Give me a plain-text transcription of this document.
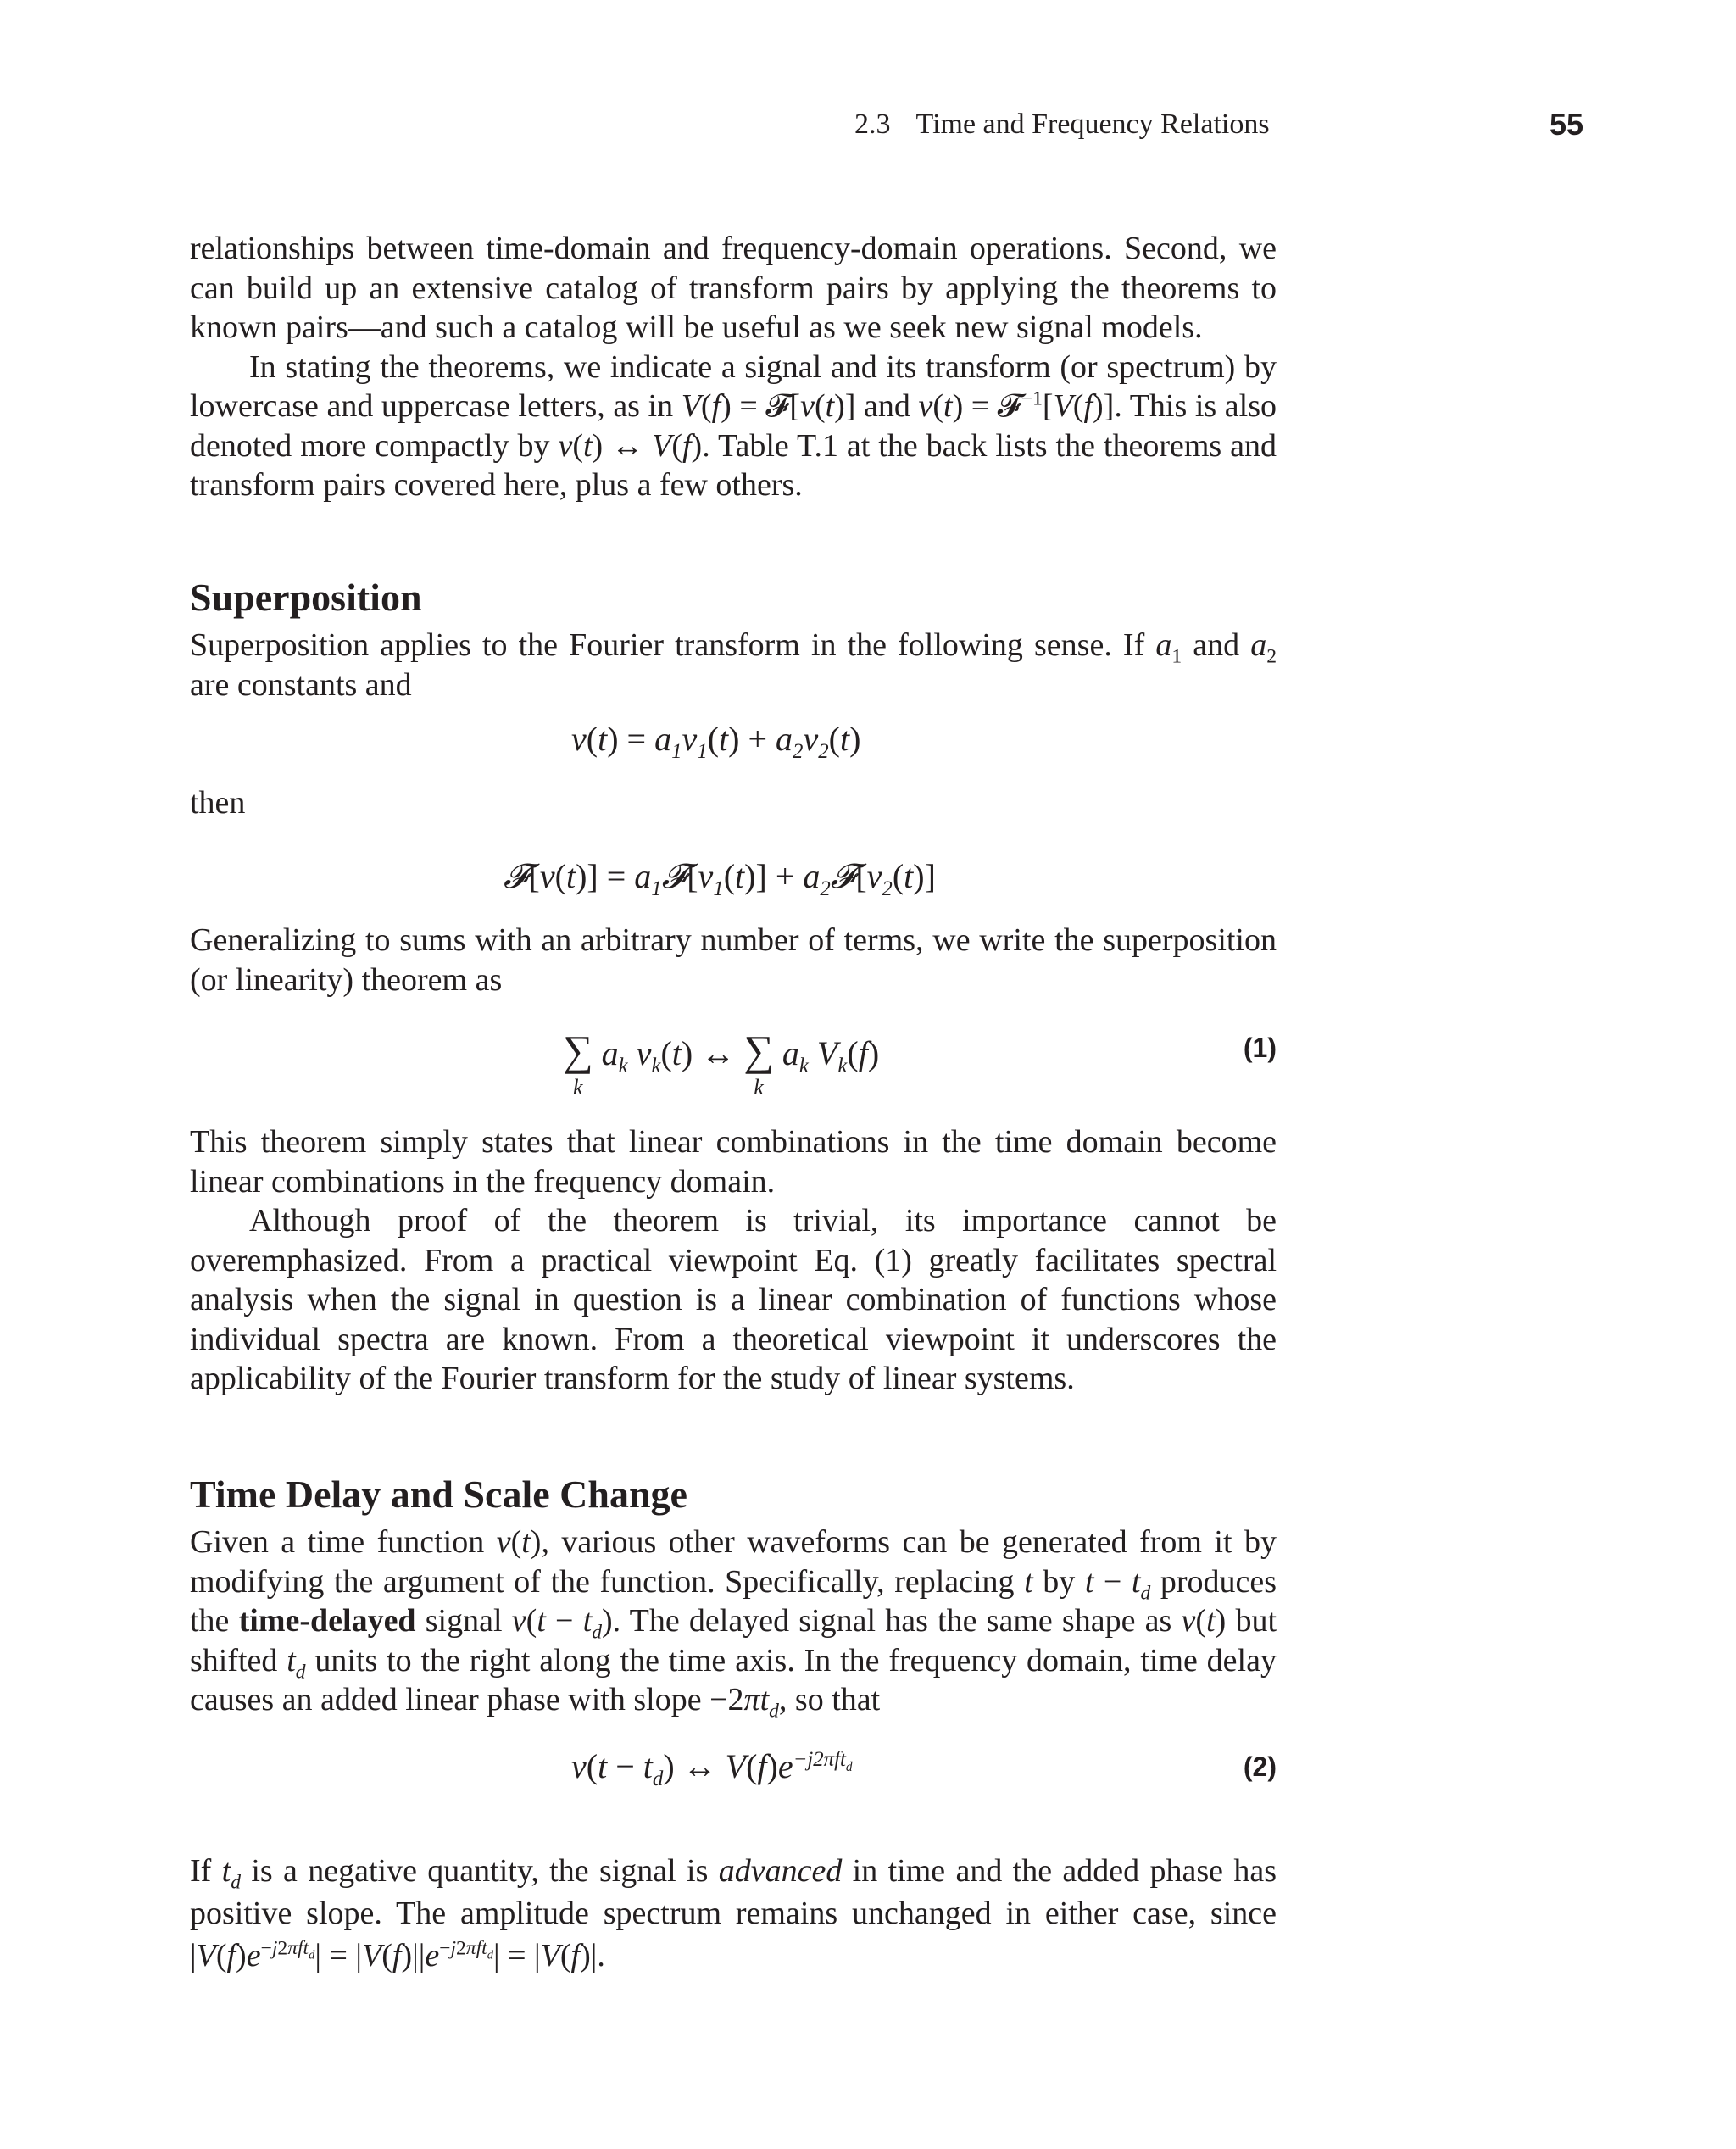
2.3 Time and Frequency Relations	55

relationships between time-domain and frequency-domain operations. Second, we can build up an extensive catalog of transform pairs by applying the theorems to known pairs—and such a catalog will be useful as we seek new signal models.

In stating the theorems, we indicate a signal and its transform (or spectrum) by lowercase and uppercase letters, as in V(f) = 𝓕[v(t)] and v(t) = 𝓕$^{-1}$[V(f)]. This is also denoted more compactly by v(t) ↔ V(f). Table T.1 at the back lists the theorems and transform pairs covered here, plus a few others.

Superposition

Superposition applies to the Fourier transform in the following sense. If $a_1$ and $a_2$ are constants and

$v(t) = a_1v_1(t) + a_2v_2(t)$

then

𝓕[v(t)] = $a_1𝓕[v_1(t)]$ + $a_2𝓕[v_2(t)]$

Generalizing to sums with an arbitrary number of terms, we write the superposition (or linearity) theorem as

∑
k
$a_k$ $v_k(t)$ ↔ ∑
k
$a_k$ $V_k(f)$	(1)

This theorem simply states that linear combinations in the time domain become linear combinations in the frequency domain.

Although proof of the theorem is trivial, its importance cannot be overemphasized. From a practical viewpoint Eq. (1) greatly facilitates spectral analysis when the signal in question is a linear combination of functions whose individual spectra are known. From a theoretical viewpoint it underscores the applicability of the Fourier transform for the study of linear systems.

Time Delay and Scale Change

Given a time function v(t), various other waveforms can be generated from it by modifying the argument of the function. Specifically, replacing t by $t - t_d$ produces the time-delayed signal $v(t - t_d)$. The delayed signal has the same shape as v(t) but shifted $t_d$ units to the right along the time axis. In the frequency domain, time delay causes an added linear phase with slope $-2\pi t_d$, so that

$v(t - t_d)$ ↔ $V(f)e^{-j2\pi ft_d}$	(2)

If $t_d$ is a negative quantity, the signal is advanced in time and the added phase has positive slope. The amplitude spectrum remains unchanged in either case, since $|V(f)e^{-j2\pi ft_d}| = |V(f)||e^{-j2\pi ft_d}| = |V(f)|$.
